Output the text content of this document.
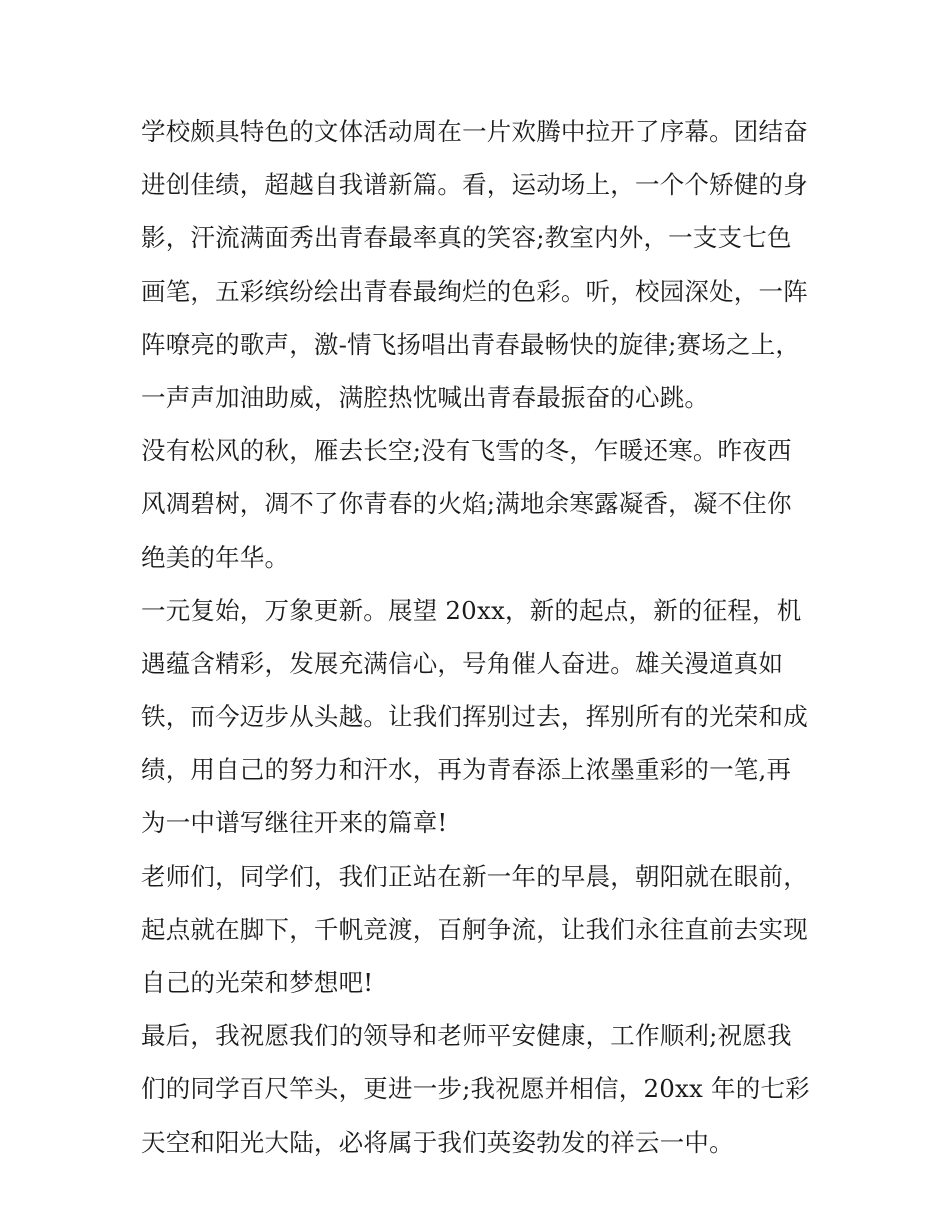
学校颇具特色的文体活动周在一片欢腾中拉开了序幕。团结奋
进创佳绩，超越自我谱新篇。看，运动场上，一个个矫健的身
影，汗流满面秀出青春最率真的笑容;教室内外，一支支七色
画笔，五彩缤纷绘出青春最绚烂的色彩。听，校园深处，一阵
阵嘹亮的歌声，激-情飞扬唱出青春最畅快的旋律;赛场之上，
一声声加油助威，满腔热忱喊出青春最振奋的心跳。

没有松风的秋，雁去长空;没有飞雪的冬，乍暖还寒。昨夜西
风凋碧树，凋不了你青春的火焰;满地余寒露凝香，凝不住你
绝美的年华。

一元复始，万象更新。展望 20xx，新的起点，新的征程，机
遇蕴含精彩，发展充满信心，号角催人奋进。雄关漫道真如
铁，而今迈步从头越。让我们挥别过去，挥别所有的光荣和成
绩，用自己的努力和汗水，再为青春添上浓墨重彩的一笔,再
为一中谱写继往开来的篇章!

老师们，同学们，我们正站在新一年的早晨，朝阳就在眼前，
起点就在脚下，千帆竞渡，百舸争流，让我们永往直前去实现
自己的光荣和梦想吧!

最后，我祝愿我们的领导和老师平安健康，工作顺利;祝愿我
们的同学百尺竿头，更进一步;我祝愿并相信，20xx 年的七彩
天空和阳光大陆，必将属于我们英姿勃发的祥云一中。
